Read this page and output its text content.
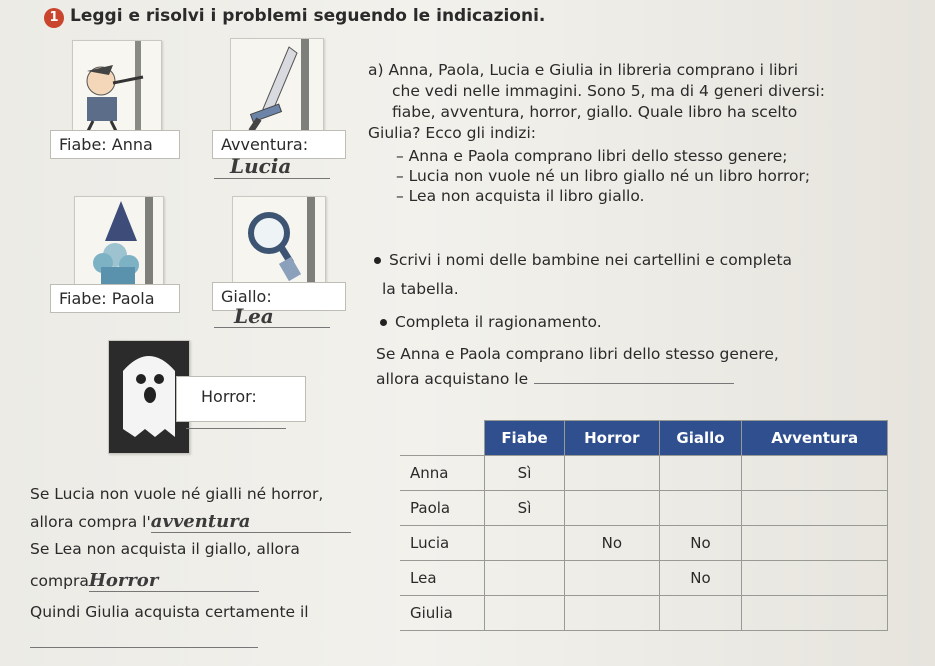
1 Leggi e risolvi i problemi seguendo le indicazioni.
Fiabe: Anna	Avventura:
Lucia
Fiabe: Paola	Giallo:
Lea
Horror:
a) Anna, Paola, Lucia e Giulia in libreria comprano i libri
che vedi nelle immagini. Sono 5, ma di 4 generi diversi:
fiabe, avventura, horror, giallo. Quale libro ha scelto
Giulia? Ecco gli indizi:
– Anna e Paola comprano libri dello stesso genere;
– Lucia non vuole né un libro giallo né un libro horror;
– Lea non acquista il libro giallo.
Scrivi i nomi delle bambine nei cartellini e completa
la tabella.
Completa il ragionamento.
Se Anna e Paola comprano libri dello stesso genere,
allora acquistano le
Se Lucia non vuole né gialli né horror,
allora compra l'avventura
Se Lea non acquista il giallo, allora
compraHorror
Quindi Giulia acquista certamente il
	Fiabe	Horror	Giallo	Avventura
Anna	Sì			
Paola	Sì			
Lucia		No	No	
Lea			No	
Giulia				
